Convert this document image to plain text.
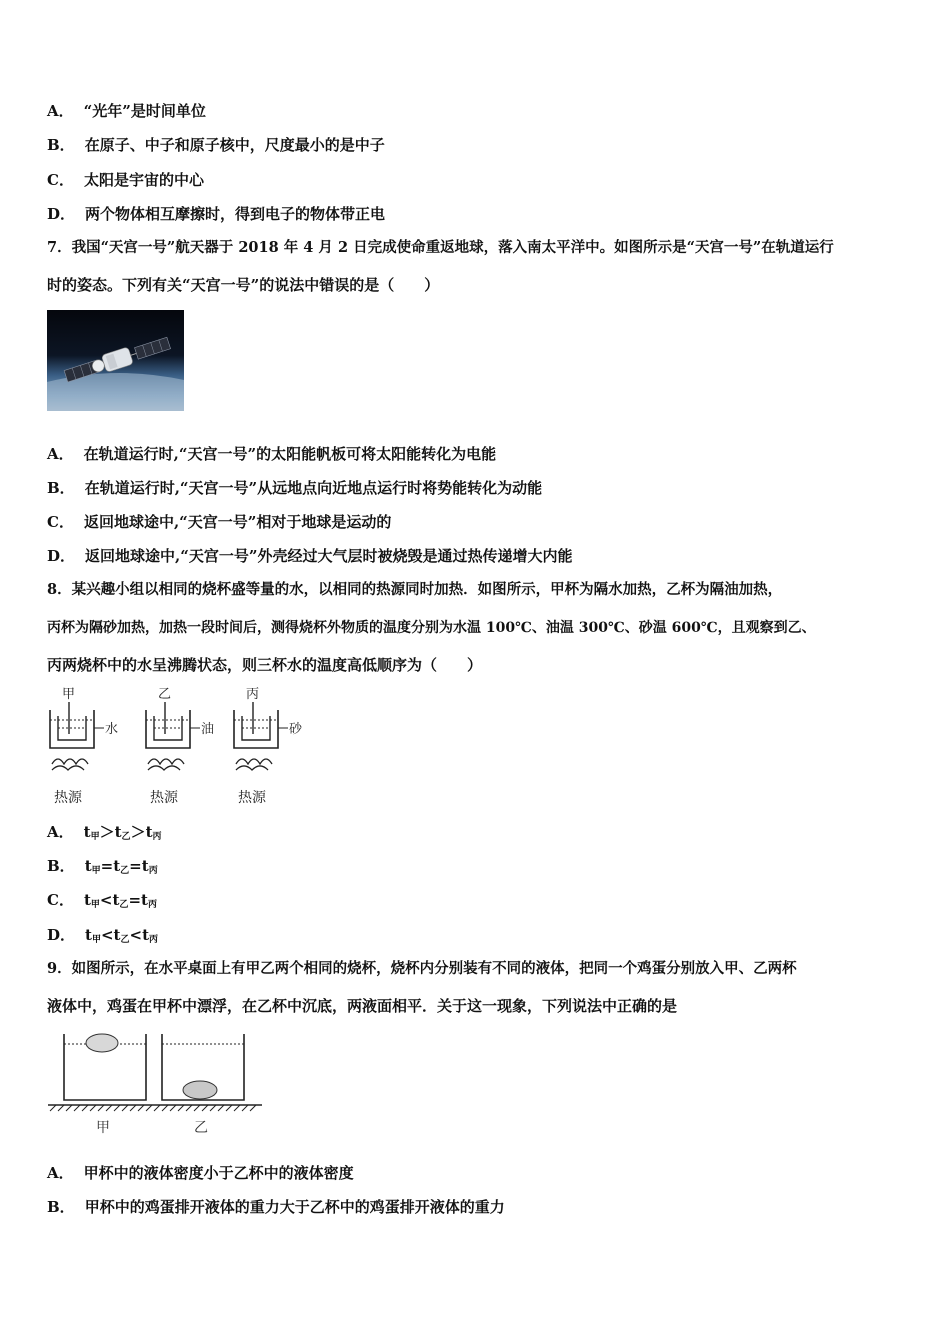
A． “光年”是时间单位
B． 在原子、中子和原子核中，尺度最小的是中子
C． 太阳是宇宙的中心
D． 两个物体相互摩擦时，得到电子的物体带正电
7．我国“天宫一号”航天器于 2018 年 4 月 2 日完成使命重返地球，落入南太平洋中。如图所示是“天宫一号”在轨道运行
时的姿态。下列有关“天宫一号”的说法中错误的是（　　）
A． 在轨道运行时,“天宫一号”的太阳能帆板可将太阳能转化为电能
B． 在轨道运行时,“天宫一号”从远地点向近地点运行时将势能转化为动能
C． 返回地球途中,“天宫一号”相对于地球是运动的
D． 返回地球途中,“天宫一号”外壳经过大气层时被烧毁是通过热传递增大内能
8．某兴趣小组以相同的烧杯盛等量的水，以相同的热源同时加热．如图所示，甲杯为隔水加热，乙杯为隔油加热，
丙杯为隔砂加热，加热一段时间后，测得烧杯外物质的温度分别为水温 100℃、油温 300℃、砂温 600℃，且观察到乙、
丙两烧杯中的水呈沸腾状态，则三杯水的温度高低顺序为（　　）
甲
水
热源
乙
油
热源
丙
砂
热源
A． $t_甲>t_乙>t_丙$
B． $t_甲=t_乙=t_丙$
C． $t_甲<t_乙=t_丙$
D． $t_甲<t_乙<t_丙$
9．如图所示，在水平桌面上有甲乙两个相同的烧杯，烧杯内分别装有不同的液体，把同一个鸡蛋分别放入甲、乙两杯
液体中，鸡蛋在甲杯中漂浮，在乙杯中沉底，两液面相平．关于这一现象，下列说法中正确的是
甲	乙
A． 甲杯中的液体密度小于乙杯中的液体密度
B． 甲杯中的鸡蛋排开液体的重力大于乙杯中的鸡蛋排开液体的重力
